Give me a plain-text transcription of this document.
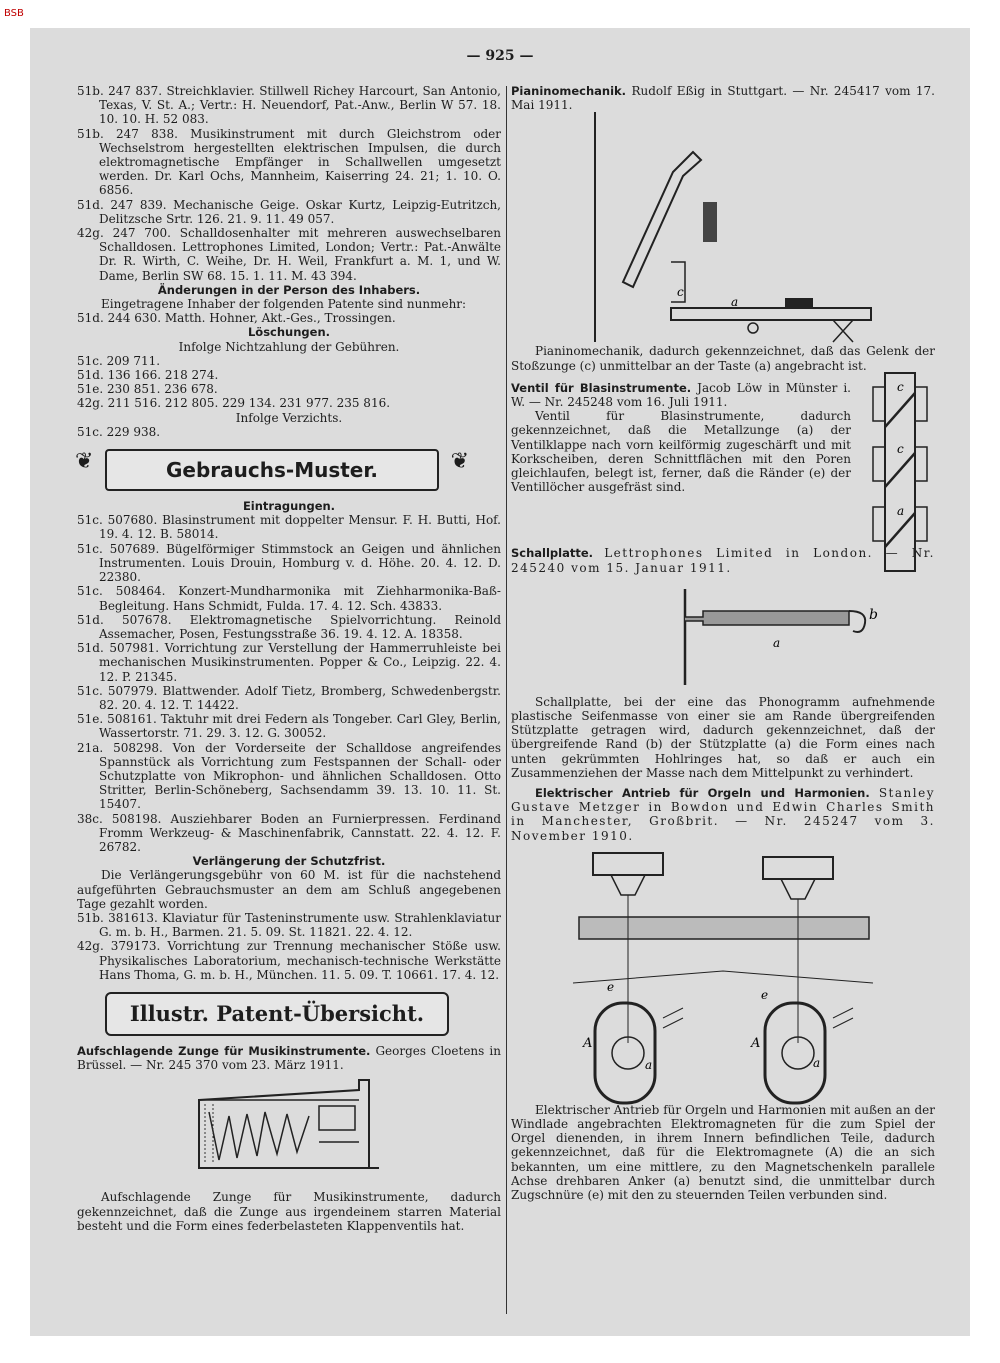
BSB
— 925 —

51b. 247 837. Streichklavier. Stillwell Richey Harcourt, San Antonio, Texas, V. St. A.; Vertr.: H. Neuendorf, Pat.-Anw., Berlin W 57. 18. 10. 10. H. 52 083.

51b. 247 838. Musikinstrument mit durch Gleichstrom oder Wechselstrom hergestellten elektrischen Impulsen, die durch elektromagnetische Empfänger in Schallwellen umgesetzt werden. Dr. Karl Ochs, Mannheim, Kaiserring 24. 21; 1. 10. O. 6856.

51d. 247 839. Mechanische Geige. Oskar Kurtz, Leipzig-Eutritzch, Delitzsche Srtr. 126. 21. 9. 11. 49 057.

42g. 247 700. Schalldosenhalter mit mehreren auswechselbaren Schalldosen. Lettrophones Limited, London; Vertr.: Pat.-Anwälte Dr. R. Wirth, C. Weihe, Dr. H. Weil, Frankfurt a. M. 1, und W. Dame, Berlin SW 68. 15. 1. 11. M. 43 394.

Änderungen in der Person des Inhabers.

Eingetragene Inhaber der folgenden Patente sind nunmehr:

51d. 244 630. Matth. Hohner, Akt.-Ges., Trossingen.

Löschungen.

Infolge Nichtzahlung der Gebühren.

51c. 209 711.

51d. 136 166. 218 274.

51e. 230 851. 236 678.

42g. 211 516. 212 805. 229 134. 231 977. 235 816.

Infolge Verzichts.

51c. 229 938.

❦	Gebrauchs-Muster.	❦

Eintragungen.

51c. 507680. Blasinstrument mit doppelter Mensur. F. H. Butti, Hof. 19. 4. 12. B. 58014.

51c. 507689. Bügelförmiger Stimmstock an Geigen und ähnlichen Instrumenten. Louis Drouin, Homburg v. d. Höhe. 20. 4. 12. D. 22380.

51c. 508464. Konzert-Mundharmonika mit Ziehharmonika-Baß-Begleitung. Hans Schmidt, Fulda. 17. 4. 12. Sch. 43833.

51d. 507678. Elektromagnetische Spielvorrichtung. Reinold Assemacher, Posen, Festungsstraße 36. 19. 4. 12. A. 18358.

51d. 507981. Vorrichtung zur Verstellung der Hammerruhleiste bei mechanischen Musikinstrumenten. Popper & Co., Leipzig. 22. 4. 12. P. 21345.

51c. 507979. Blattwender. Adolf Tietz, Bromberg, Schwedenbergstr. 82. 20. 4. 12. T. 14422.

51e. 508161. Taktuhr mit drei Federn als Tongeber. Carl Gley, Berlin, Wassertorstr. 71. 29. 3. 12. G. 30052.

21a. 508298. Von der Vorderseite der Schalldose angreifendes Spannstück als Vorrichtung zum Festspannen der Schall- oder Schutzplatte von Mikrophon- und ähnlichen Schalldosen. Otto Stritter, Berlin-Schöneberg, Sachsendamm 39. 13. 10. 11. St. 15407.

38c. 508198. Ausziehbarer Boden an Furnierpressen. Ferdinand Fromm Werkzeug- & Maschinenfabrik, Cannstatt. 22. 4. 12. F. 26782.

Verlängerung der Schutzfrist.

Die Verlängerungsgebühr von 60 M. ist für die nachstehend aufgeführten Gebrauchsmuster an dem am Schluß angegebenen Tage gezahlt worden.

51b. 381613. Klaviatur für Tasteninstrumente usw. Strahlenklaviatur G. m. b. H., Barmen. 21. 5. 09. St. 11821. 22. 4. 12.

42g. 379173. Vorrichtung zur Trennung mechanischer Stöße usw. Physikalisches Laboratorium, mechanisch-technische Werkstätte Hans Thoma, G. m. b. H., München. 11. 5. 09. T. 10661. 17. 4. 12.

Illustr. Patent-Übersicht.

Aufschlagende Zunge für Musikinstrumente. Georges Cloetens in Brüssel. — Nr. 245 370 vom 23. März 1911.

Aufschlagende Zunge für Musikinstrumente, dadurch gekennzeichnet, daß die Zunge aus irgendeinem starren Material besteht und die Form eines federbelasteten Klappenventils hat.

Pianinomechanik. Rudolf Eßig in Stuttgart. — Nr. 245417 vom 17. Mai 1911.

c
a

Pianinomechanik, dadurch gekennzeichnet, daß das Gelenk der Stoßzunge (c) unmittelbar an der Taste (a) angebracht ist.

c
c
a

Ventil für Blasinstrumente. Jacob Löw in Münster i. W. — Nr. 245248 vom 16. Juli 1911.

Ventil für Blasinstrumente, dadurch gekennzeichnet, daß die Metallzunge (a) der Ventilklappe nach vorn keilförmig zugeschärft und mit Korkscheiben, deren Schnittflächen mit den Poren gleichlaufen, belegt ist, ferner, daß die Ränder (e) der Ventillöcher ausgefräst sind.

Schallplatte. Lettrophones Limited in London. — Nr. 245240 vom 15. Januar 1911.

a
b

Schallplatte, bei der eine das Phonogramm aufnehmende plastische Seifenmasse von einer sie am Rande übergreifenden Stützplatte getragen wird, dadurch gekennzeichnet, daß der übergreifende Rand (b) der Stützplatte (a) die Form eines nach unten gekrümmten Hohlringes hat, so daß er auch ein Zusammenziehen der Masse nach dem Mittelpunkt zu verhindert.

Elektrischer Antrieb für Orgeln und Harmonien. Stanley Gustave Metzger in Bowdon und Edwin Charles Smith in Manchester, Großbrit. — Nr. 245247 vom 3. November 1910.

e
e
A
a
A
a

Elektrischer Antrieb für Orgeln und Harmonien mit außen an der Windlade angebrachten Elektromagneten für die zum Spiel der Orgel dienenden, in ihrem Innern befindlichen Teile, dadurch gekennzeichnet, daß für die Elektromagnete (A) die an sich bekannten, um eine mittlere, zu den Magnetschenkeln parallele Achse drehbaren Anker (a) benutzt sind, die unmittelbar durch Zugschnüre (e) mit den zu steuernden Teilen verbunden sind.
